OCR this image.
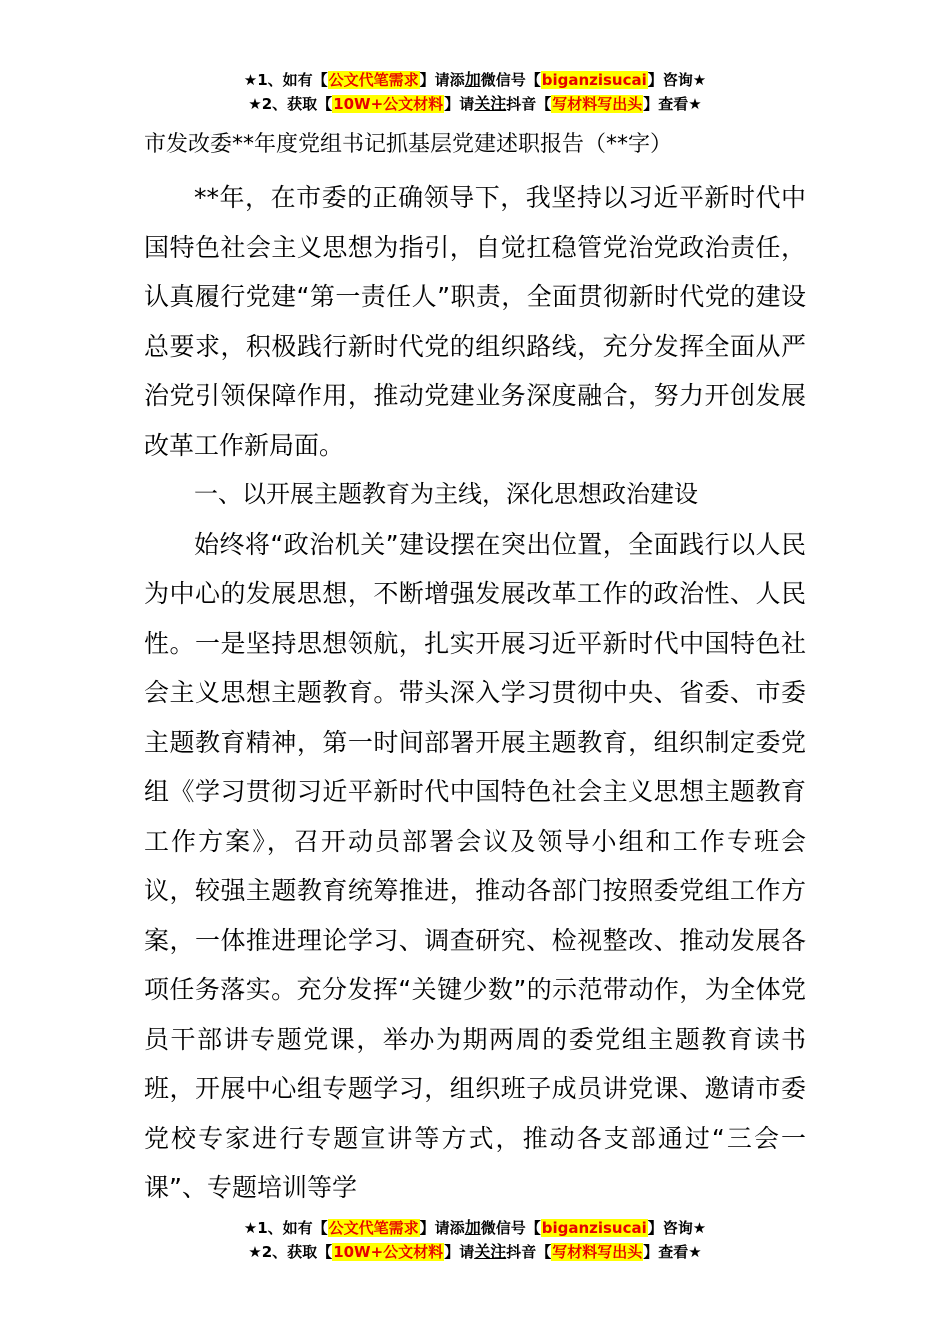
★1、如有【公文代笔需求】请添加微信号【biganzisucai】咨询★
★2、获取【10W+公文材料】请关注抖音【写材料写出头】查看★

市发改委**年度党组书记抓基层党建述职报告（**字）

**年，在市委的正确领导下，我坚持以习近平新时代中国特色社会主义思想为指引，自觉扛稳管党治党政治责任，认真履行党建“第一责任人”职责，全面贯彻新时代党的建设总要求，积极践行新时代党的组织路线，充分发挥全面从严治党引领保障作用，推动党建业务深度融合，努力开创发展改革工作新局面。

一、以开展主题教育为主线，深化思想政治建设

始终将“政治机关”建设摆在突出位置，全面践行以人民为中心的发展思想，不断增强发展改革工作的政治性、人民性。一是坚持思想领航，扎实开展习近平新时代中国特色社会主义思想主题教育。带头深入学习贯彻中央、省委、市委主题教育精神，第一时间部署开展主题教育，组织制定委党组《学习贯彻习近平新时代中国特色社会主义思想主题教育工作方案》，召开动员部署会议及领导小组和工作专班会议，较强主题教育统筹推进，推动各部门按照委党组工作方案，一体推进理论学习、调查研究、检视整改、推动发展各项任务落实。充分发挥“关键少数”的示范带动作，为全体党员干部讲专题党课，举办为期两周的委党组主题教育读书班，开展中心组专题学习，组织班子成员讲党课、邀请市委党校专家进行专题宣讲等方式，推动各支部通过“三会一课”、专题培训等学

★1、如有【公文代笔需求】请添加微信号【biganzisucai】咨询★
★2、获取【10W+公文材料】请关注抖音【写材料写出头】查看★
